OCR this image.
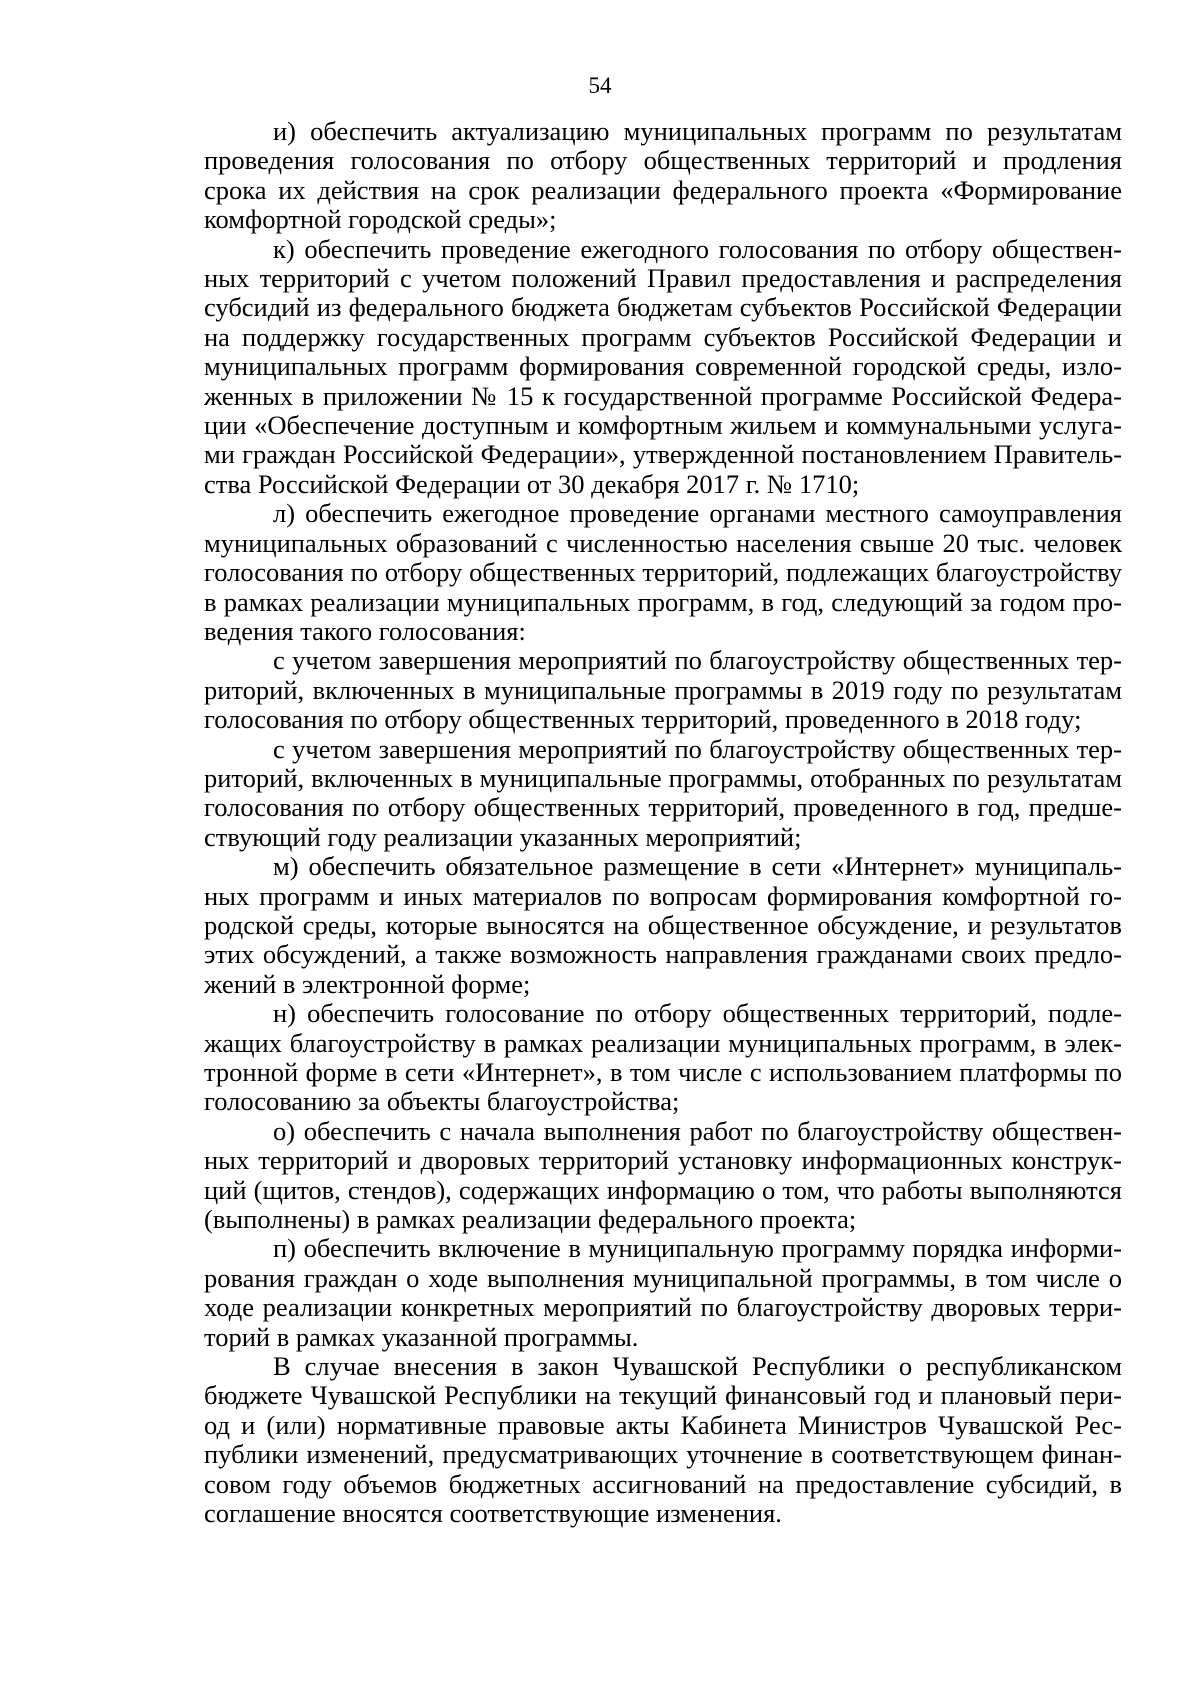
54

и) обеспечить актуализацию муниципальных программ по результатам проведения голосования по отбору общественных территорий и продления срока их действия на срок реализации федерального проекта «Формирование комфортной городской среды»;

к) обеспечить проведение ежегодного голосования по отбору общественных территорий с учетом положений Правил предоставления и распределения субсидий из федерального бюджета бюджетам субъектов Российской Федерации на поддержку государственных программ субъектов Российской Федерации и муниципальных программ формирования современной городской среды, изложенных в приложении № 15 к государственной программе Российской Федерации «Обеспечение доступным и комфортным жильем и коммунальными услугами граждан Российской Федерации», утвержденной постановлением Правительства Российской Федерации от 30 декабря 2017 г. № 1710;

л) обеспечить ежегодное проведение органами местного самоуправления муниципальных образований с численностью населения свыше 20 тыс. человек голосования по отбору общественных территорий, подлежащих благоустройству в рамках реализации муниципальных программ, в год, следующий за годом проведения такого голосования:

с учетом завершения мероприятий по благоустройству общественных территорий, включенных в муниципальные программы в 2019 году по результатам голосования по отбору общественных территорий, проведенного в 2018 году;

с учетом завершения мероприятий по благоустройству общественных территорий, включенных в муниципальные программы, отобранных по результатам голосования по отбору общественных территорий, проведенного в год, предшествующий году реализации указанных мероприятий;

м) обеспечить обязательное размещение в сети «Интернет» муниципальных программ и иных материалов по вопросам формирования комфортной городской среды, которые выносятся на общественное обсуждение, и результатов этих обсуждений, а также возможность направления гражданами своих предложений в электронной форме;

н) обеспечить голосование по отбору общественных территорий, подлежащих благоустройству в рамках реализации муниципальных программ, в электронной форме в сети «Интернет», в том числе с использованием платформы по голосованию за объекты благоустройства;

о) обеспечить с начала выполнения работ по благоустройству общественных территорий и дворовых территорий установку информационных конструкций (щитов, стендов), содержащих информацию о том, что работы выполняются (выполнены) в рамках реализации федерального проекта;

п) обеспечить включение в муниципальную программу порядка информирования граждан о ходе выполнения муниципальной программы, в том числе о ходе реализации конкретных мероприятий по благоустройству дворовых территорий в рамках указанной программы.

В случае внесения в закон Чувашской Республики о республиканском бюджете Чувашской Республики на текущий финансовый год и плановый период и (или) нормативные правовые акты Кабинета Министров Чувашской Республики изменений, предусматривающих уточнение в соответствующем финансовом году объемов бюджетных ассигнований на предоставление субсидий, в соглашение вносятся соответствующие изменения.
